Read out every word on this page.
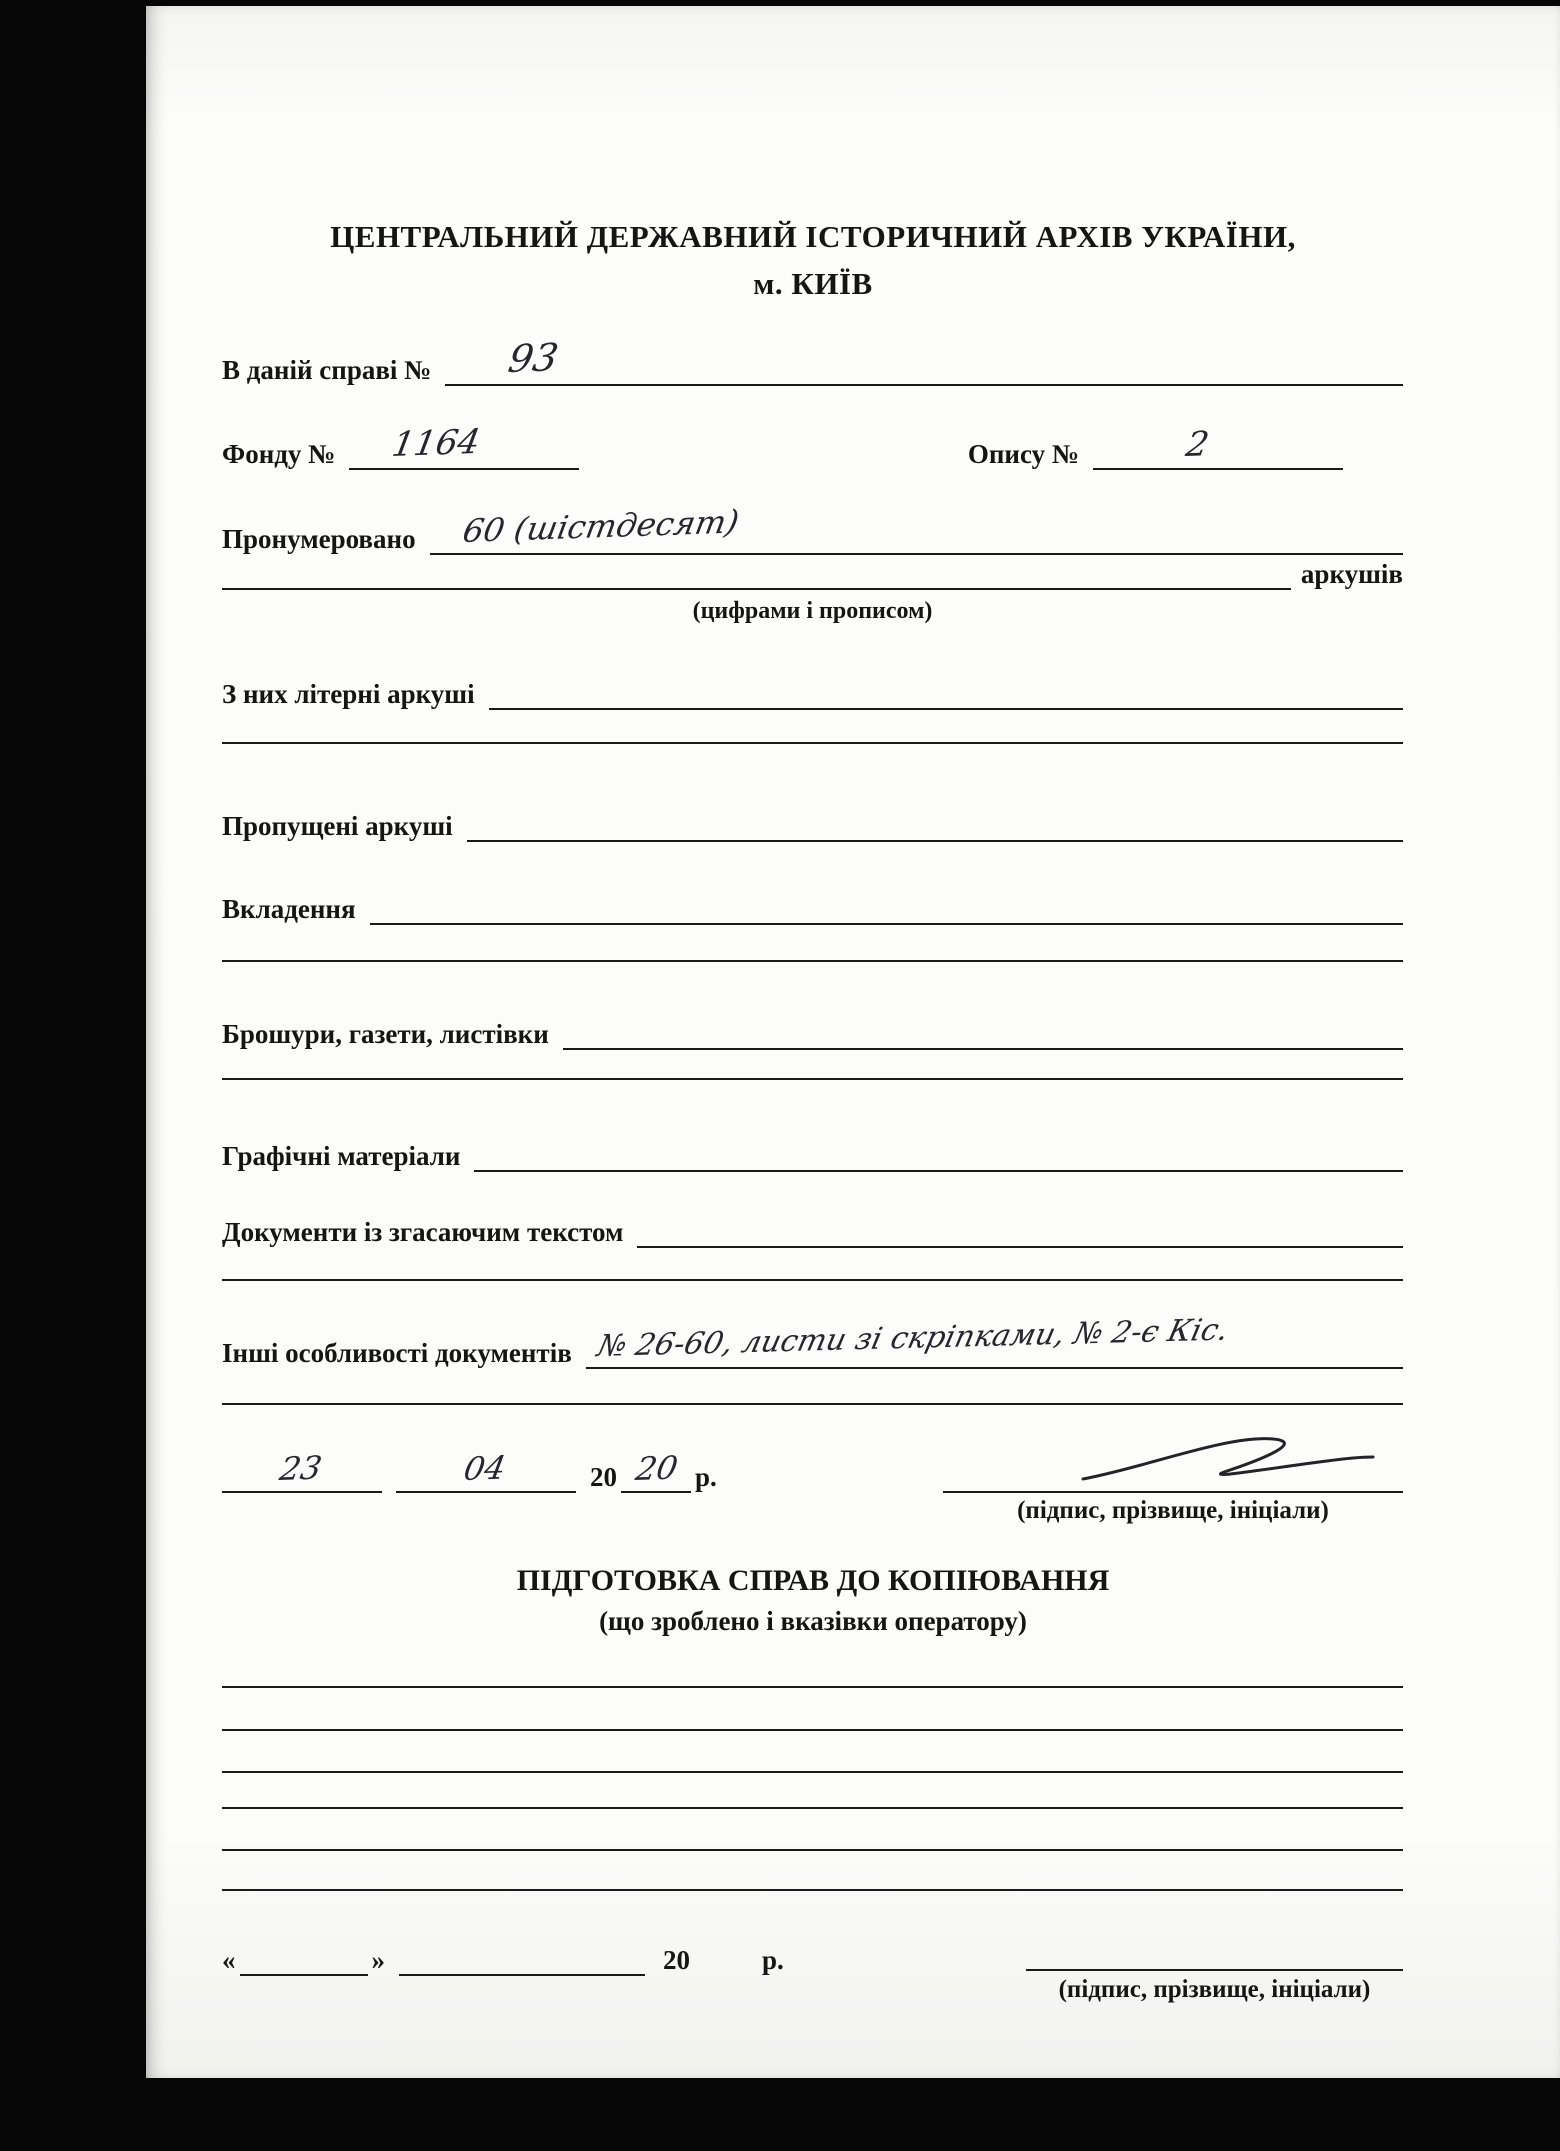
ЦЕНТРАЛЬНИЙ ДЕРЖАВНИЙ ІСТОРИЧНИЙ АРХІВ УКРАЇНИ,
м. КИЇВ
В даній справі №	93
Фонду №	1164	Опису №	2
Пронумеровано	60 (шістдесят)
аркушів
(цифрами і прописом)
З них літерні аркуші
Пропущені аркуші
Вкладення
Брошури, газети, листівки
Графічні матеріали
Документи із згасаючим текстом
Інші особливості документів № 26-60, листи зі скріпками, № 2-є Кіс.
23	04	20 20 р.
(підпис, прізвище, ініціали)
ПІДГОТОВКА СПРАВ ДО КОПІЮВАННЯ
(що зроблено і вказівки оператору)
«	»	20	р.
(підпис, прізвище, ініціали)
